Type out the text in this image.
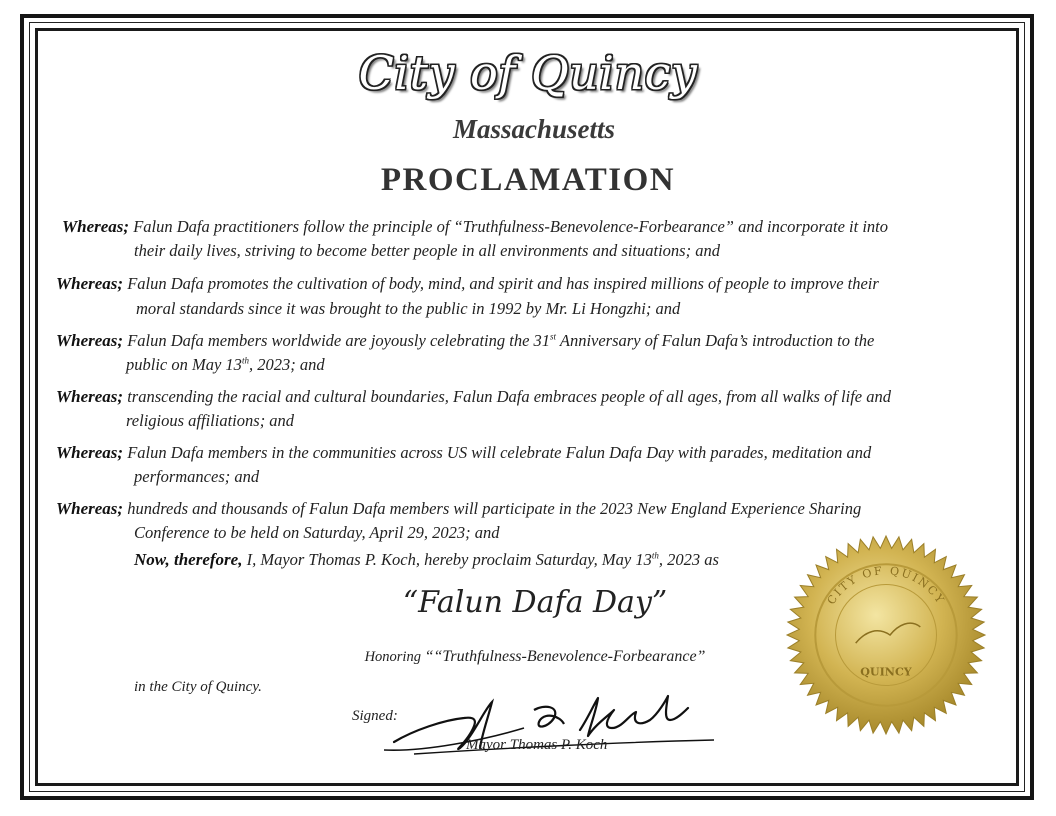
City of Quincy
Massachusetts
PROCLAMATION
Whereas; Falun Dafa practitioners follow the principle of “Truthfulness-Benevolence-Forbearance” and incorporate it into
their daily lives, striving to become better people in all environments and situations; and
Whereas; Falun Dafa promotes the cultivation of body, mind, and spirit and has inspired millions of people to improve their
moral standards since it was brought to the public in 1992 by Mr. Li Hongzhi; and
Whereas; Falun Dafa members worldwide are joyously celebrating the 31st Anniversary of Falun Dafa’s introduction to the
public on May 13th, 2023; and
Whereas; transcending the racial and cultural boundaries, Falun Dafa embraces people of all ages, from all walks of life and
religious affiliations; and
Whereas; Falun Dafa members in the communities across US will celebrate Falun Dafa Day with parades, meditation and
performances; and
Whereas; hundreds and thousands of Falun Dafa members will participate in the 2023 New England Experience Sharing
Conference to be held on Saturday, April 29, 2023; and
Now, therefore, I, Mayor Thomas P. Koch, hereby proclaim Saturday, May 13th, 2023 as
“Falun Dafa Day”
Honoring ““Truthfulness-Benevolence-Forbearance”
in the City of Quincy.
Signed:
Mayor Thomas P. Koch
CITY OF QUINCY
QUINCY
